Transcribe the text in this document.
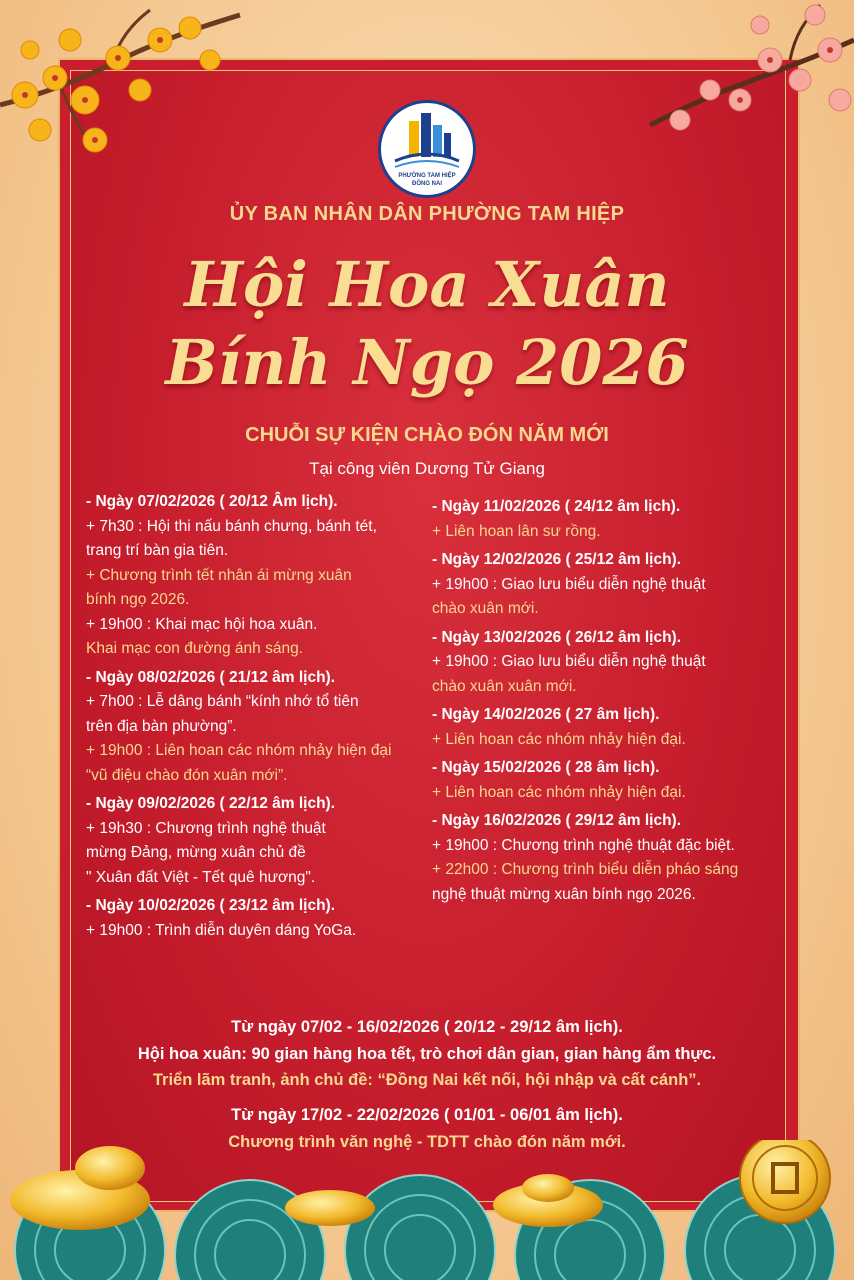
PHƯỜNG TAM HIỆP
ĐỒNG NAI
ỦY BAN NHÂN DÂN PHƯỜNG TAM HIỆP
Hội Hoa Xuân
Bính Ngọ 2026
CHUỖI SỰ KIỆN CHÀO ĐÓN NĂM MỚI
Tại công viên Dương Tử Giang
- Ngày 07/02/2026 ( 20/12 Âm lịch).
+ 7h30 : Hội thi nấu bánh chưng, bánh tét,
trang trí bàn gia tiên.
+ Chương trình tết nhân ái mừng xuân
bính ngọ 2026.
+ 19h00 : Khai mạc hội hoa xuân.
Khai mạc con đường ánh sáng.
- Ngày 08/02/2026 ( 21/12 âm lịch).
+ 7h00 : Lễ dâng bánh “kính nhớ tổ tiên
trên địa bàn phường”.
+ 19h00 : Liên hoan các nhóm nhảy hiện đại
“vũ điệu chào đón xuân mới”.
- Ngày 09/02/2026 ( 22/12 âm lịch).
+ 19h30 : Chương trình nghệ thuật
mừng Đảng, mừng xuân chủ đề
" Xuân đất Việt - Tết quê hương".
- Ngày 10/02/2026 ( 23/12 âm lịch).
+ 19h00 : Trình diễn duyên dáng YoGa.
- Ngày 11/02/2026 ( 24/12 âm lịch).
+ Liên hoan lân sư rồng.
- Ngày 12/02/2026 ( 25/12 âm lịch).
+ 19h00 : Giao lưu biểu diễn nghệ thuật
chào xuân mới.
- Ngày 13/02/2026 ( 26/12 âm lịch).
+ 19h00 : Giao lưu biểu diễn nghệ thuật
chào xuân xuân mới.
- Ngày 14/02/2026 ( 27 âm lịch).
+ Liên hoan các nhóm nhảy hiện đại.
- Ngày 15/02/2026 ( 28 âm lịch).
+ Liên hoan các nhóm nhảy hiện đại.
- Ngày 16/02/2026 ( 29/12 âm lịch).
+ 19h00 : Chương trình nghệ thuật đặc biệt.
+ 22h00 : Chương trình biểu diễn pháo sáng
nghệ thuật mừng xuân bính ngọ 2026.
Từ ngày 07/02 - 16/02/2026 ( 20/12 - 29/12 âm lịch).
Hội hoa xuân: 90 gian hàng hoa tết, trò chơi dân gian, gian hàng ẩm thực.
Triển lãm tranh, ảnh chủ đề: “Đồng Nai kết nối, hội nhập và cất cánh”.
Từ ngày 17/02 - 22/02/2026 ( 01/01 - 06/01 âm lịch).
Chương trình văn nghệ - TDTT chào đón năm mới.
